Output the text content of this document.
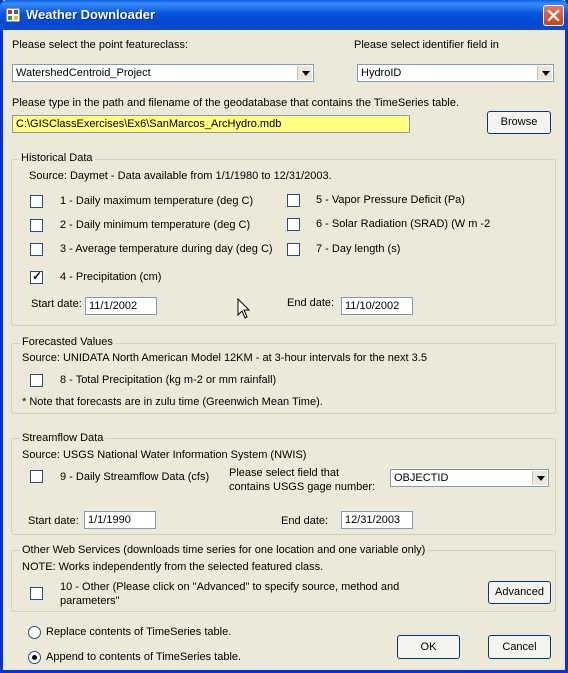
Weather Downloader
Please select the point featureclass:
WatershedCentroid_Project
Please select identifier field in
HydroID
Please type in the path and filename of the geodatabase that contains the TimeSeries table.
C:\GISClassExercises\Ex6\SanMarcos_ArcHydro.mdb	Browse
Historical Data
Source: Daymet - Data available from 1/1/1980 to 12/31/2003.
1 - Daily maximum temperature (deg C)
2 - Daily minimum temperature (deg C)
3 - Average temperature during day (deg C)
✓
4 - Precipitation (cm)
5 - Vapor Pressure Deficit (Pa)
6 - Solar Radiation (SRAD) (W m -2
7 - Day length (s)
Start date: 11/1/2002	End date: 11/10/2002
Forecasted Values
Source: UNIDATA North American Model 12KM - at 3-hour intervals for the next 3.5
8 - Total Precipitation (kg m-2 or mm rainfall)
* Note that forecasts are in zulu time (Greenwich Mean Time).
Streamflow Data
Source: USGS National Water Information System (NWIS)
9 - Daily Streamflow Data (cfs) Please select field that
contains USGS gage number:
OBJECTID
Start date: 1/1/1990	End date:	12/31/2003
Other Web Services (downloads time series for one location and one variable only)
NOTE: Works independently from the selected featured class.
10 - Other (Please click on "Advanced" to specify source, method and
parameters"
Advanced
Replace contents of TimeSeries table.
Append to contents of TimeSeries table.
OK	Cancel
